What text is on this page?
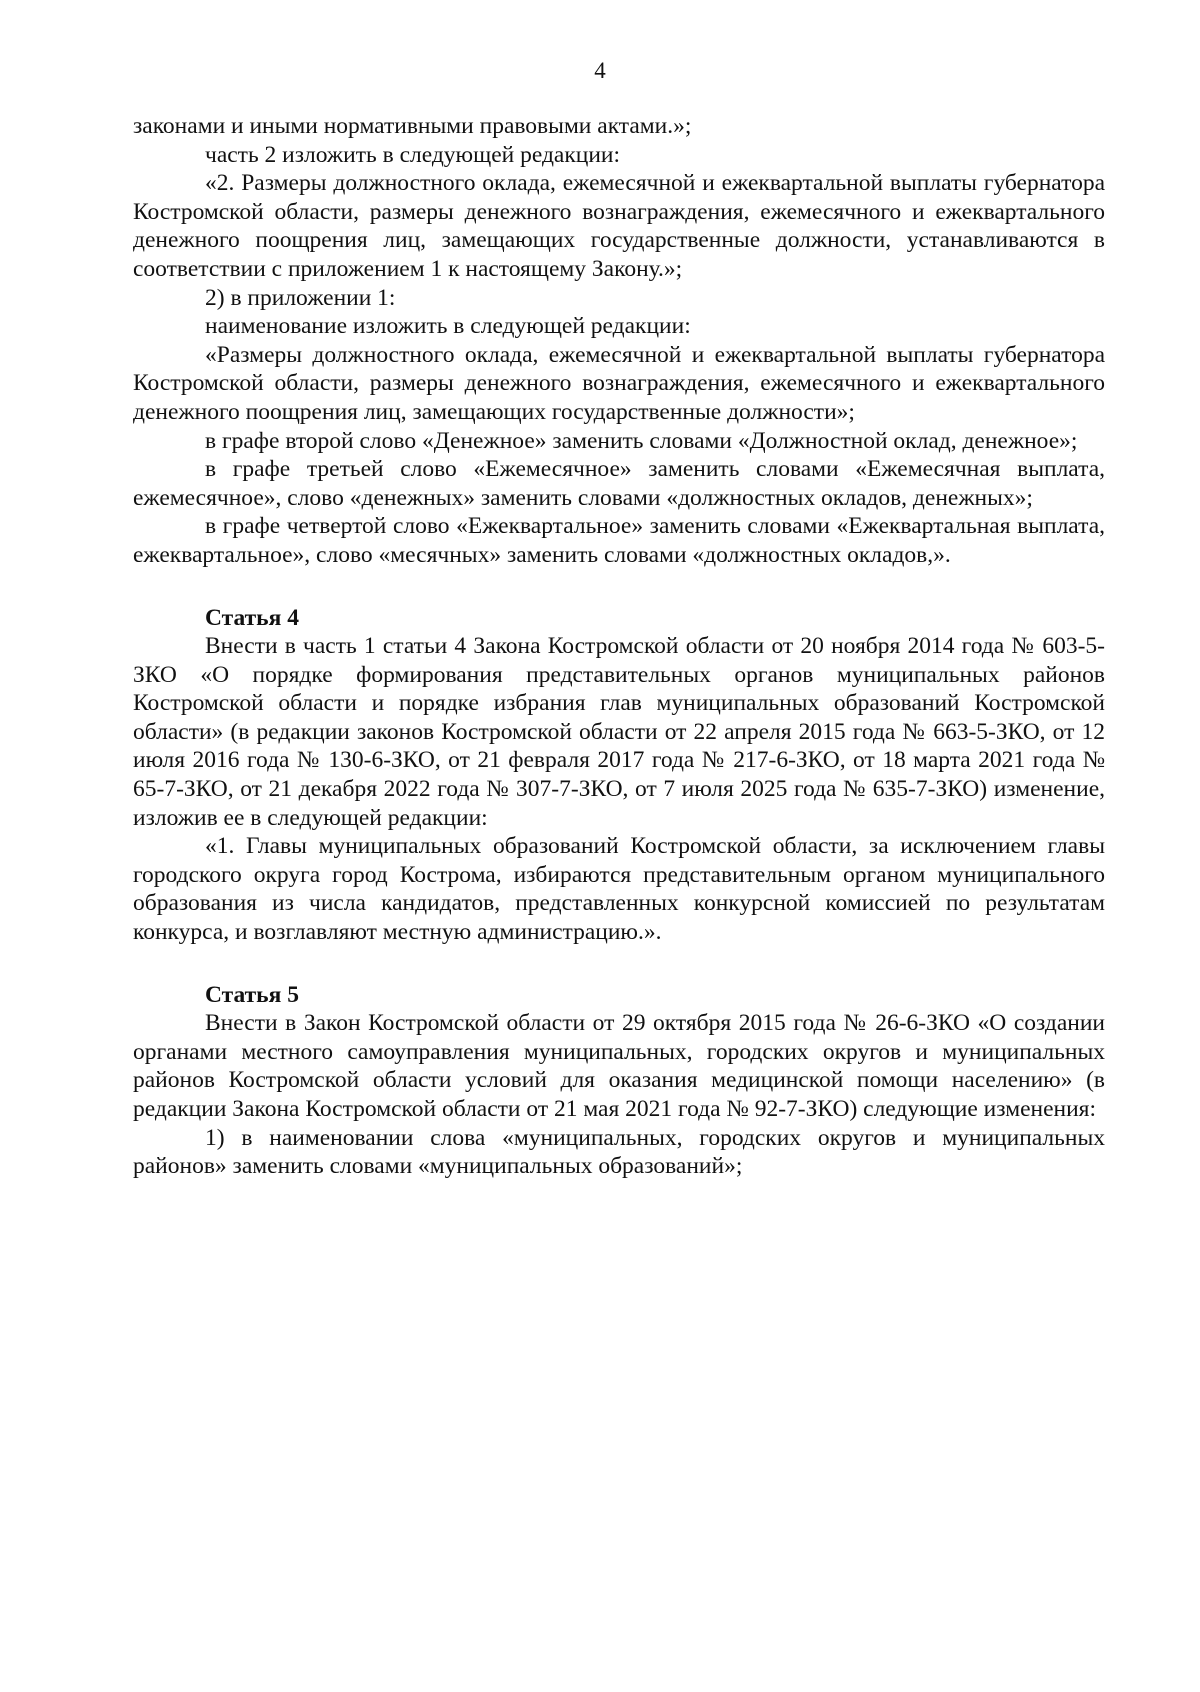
4

законами и иными нормативными правовыми актами.»;

часть 2 изложить в следующей редакции:

«2. Размеры должностного оклада, ежемесячной и ежеквартальной выплаты губернатора Костромской области, размеры денежного вознаграждения, ежемесячного и ежеквартального денежного поощрения лиц, замещающих государственные должности, устанавливаются в соответствии с приложением 1 к настоящему Закону.»;

2) в приложении 1:

наименование изложить в следующей редакции:

«Размеры должностного оклада, ежемесячной и ежеквартальной выплаты губернатора Костромской области, размеры денежного вознаграждения, ежемесячного и ежеквартального денежного поощрения лиц, замещающих государственные должности»;

в графе второй слово «Денежное» заменить словами «Должностной оклад, денежное»;

в графе третьей слово «Ежемесячное» заменить словами «Ежемесячная выплата, ежемесячное», слово «денежных» заменить словами «должностных окладов, денежных»;

в графе четвертой слово «Ежеквартальное» заменить словами «Ежеквартальная выплата, ежеквартальное», слово «месячных» заменить словами «должностных окладов,».

Статья 4

Внести в часть 1 статьи 4 Закона Костромской области от 20 ноября 2014 года № 603-5-ЗКО «О порядке формирования представительных органов муниципальных районов Костромской области и порядке избрания глав муниципальных образований Костромской области» (в редакции законов Костромской области от 22 апреля 2015 года № 663-5-ЗКО, от 12 июля 2016 года № 130-6-ЗКО, от 21 февраля 2017 года № 217-6-ЗКО, от 18 марта 2021 года № 65-7-ЗКО, от 21 декабря 2022 года № 307-7-ЗКО, от 7 июля 2025 года № 635-7-ЗКО) изменение, изложив ее в следующей редакции:

«1. Главы муниципальных образований Костромской области, за исключением главы городского округа город Кострома, избираются представительным органом муниципального образования из числа кандидатов, представленных конкурсной комиссией по результатам конкурса, и возглавляют местную администрацию.».

Статья 5

Внести в Закон Костромской области от 29 октября 2015 года № 26-6-ЗКО «О создании органами местного самоуправления муниципальных, городских округов и муниципальных районов Костромской области условий для оказания медицинской помощи населению» (в редакции Закона Костромской области от 21 мая 2021 года № 92-7-ЗКО) следующие изменения:

1) в наименовании слова «муниципальных, городских округов и муниципальных районов» заменить словами «муниципальных образований»;
